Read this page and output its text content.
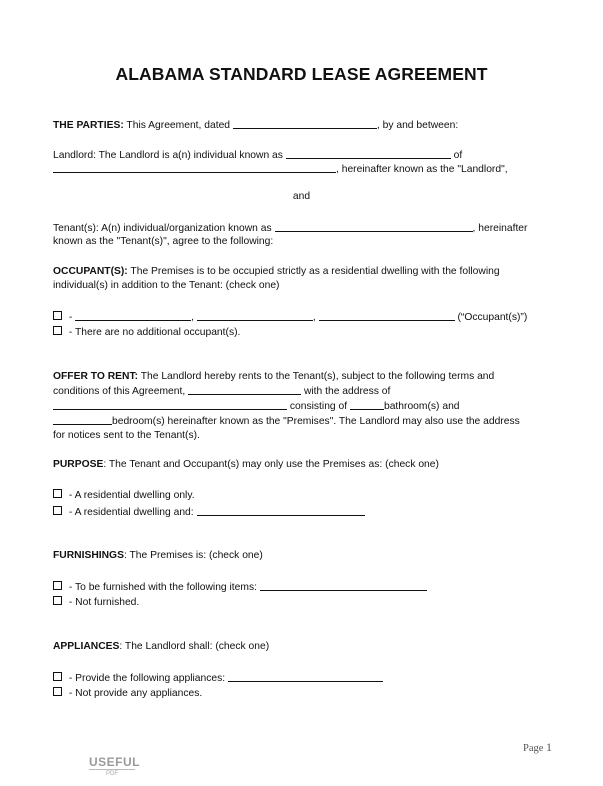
ALABAMA STANDARD LEASE AGREEMENT
THE PARTIES: This Agreement, dated	, by and between:
Landlord: The Landlord is a(n) individual known as	of
, hereinafter known as the "Landlord",
and
Tenant(s): A(n) individual/organization known as	, hereinafter
known as the "Tenant(s)", agree to the following:
OCCUPANT(S): The Premises is to be occupied strictly as a residential dwelling with the following
individual(s) in addition to the Tenant: (check one)
-	,	,	(“Occupant(s)”)
- There are no additional occupant(s).
OFFER TO RENT: The Landlord hereby rents to the Tenant(s), subject to the following terms and
conditions of this Agreement,	with the address of
consisting of	bathroom(s) and
bedroom(s) hereinafter known as the "Premises". The Landlord may also use the address
for notices sent to the Tenant(s).
PURPOSE: The Tenant and Occupant(s) may only use the Premises as: (check one)
- A residential dwelling only.
- A residential dwelling and:
FURNISHINGS: The Premises is: (check one)
- To be furnished with the following items:
- Not furnished.
APPLIANCES: The Landlord shall: (check one)
- Provide the following appliances:
- Not provide any appliances.
Page 1
USEFUL
PDF
